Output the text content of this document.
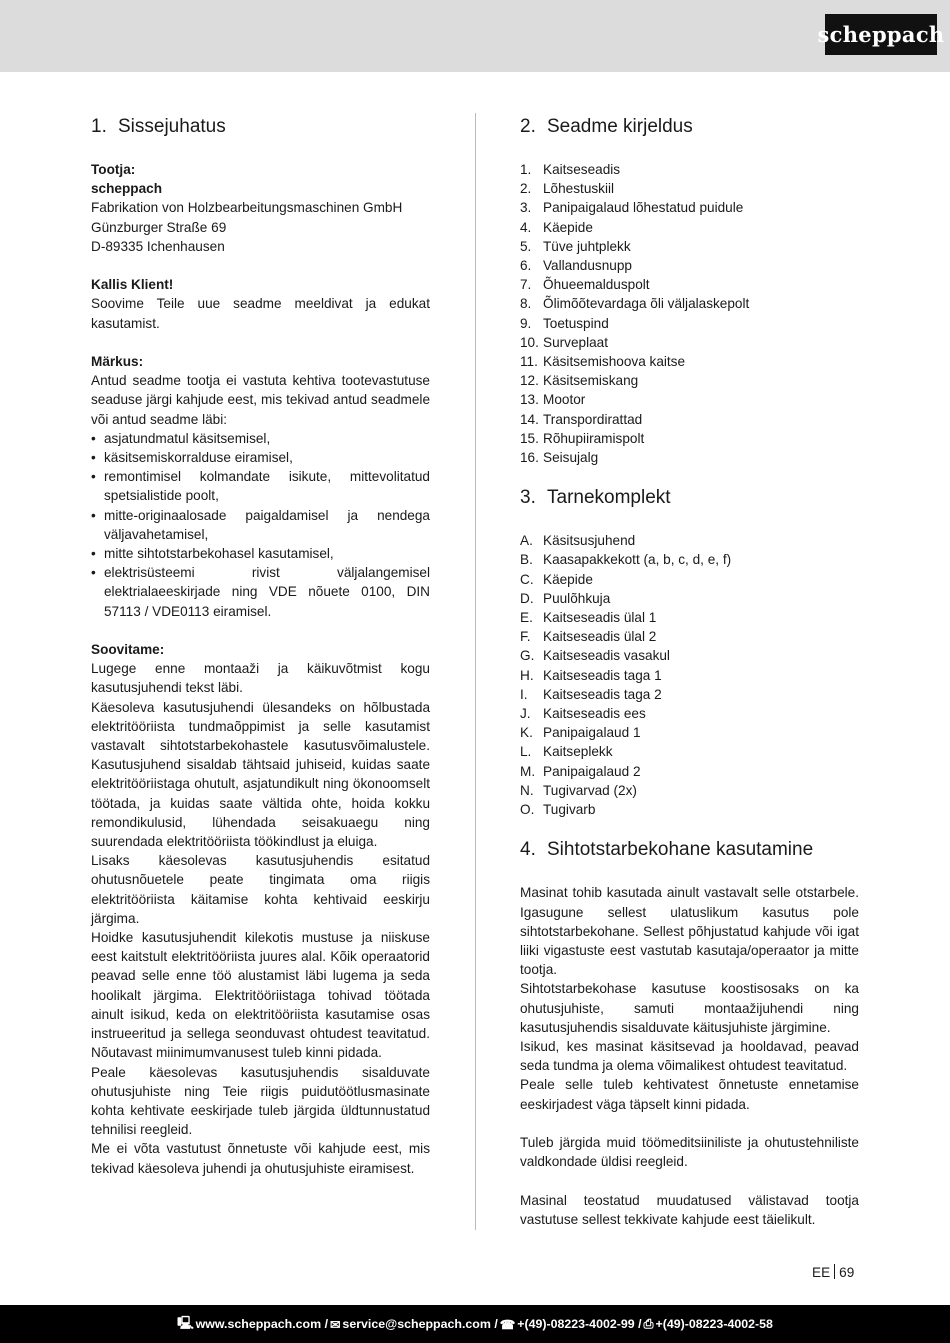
scheppach
1. Sissejuhatus
Tootja:
scheppach
Fabrikation von Holzbearbeitungsmaschinen GmbH
Günzburger Straße 69
D-89335 Ichenhausen
Kallis Klient!
Soovime Teile uue seadme meeldivat ja edukat kasutamist.
Märkus:
Antud seadme tootja ei vastuta kehtiva tootevastutuse seaduse järgi kahjude eest, mis tekivad antud seadmele või antud seadme läbi:
• asjatundmatul käsitsemisel,
• käsitsemiskorralduse eiramisel,
• remontimisel kolmandate isikute, mittevolitatud spetsialistide poolt,
• mitte-originaalosade paigaldamisel ja nendega väljavahetamisel,
• mitte sihtotstarbekohasel kasutamisel,
• elektrisüsteemi rivist väljalangemisel elektrialaeeskirjade ning VDE nõuete 0100, DIN 57113 / VDE0113 eiramisel.
Soovitame:
Lugege enne montaaži ja käikuvõtmist kogu kasutusjuhendi tekst läbi.
Käesoleva kasutusjuhendi ülesandeks on hõlbustada elektritööriista tundmaõppimist ja selle kasutamist vastavalt sihtotstarbekohastele kasutusvõimalustele. Kasutusjuhend sisaldab tähtsaid juhiseid, kuidas saate elektritööriistaga ohutult, asjatundikult ning ökonoomselt töötada, ja kuidas saate vältida ohte, hoida kokku remondikulusid, lühendada seisakuaegu ning suurendada elektritööriista töökindlust ja eluiga.
Lisaks käesolevas kasutusjuhendis esitatud ohutusnõuetele peate tingimata oma riigis elektritööriista käitamise kohta kehtivaid eeskirju järgima.
Hoidke kasutusjuhendit kilekotis mustuse ja niiskuse eest kaitstult elektritööriista juures alal. Kõik operaatorid peavad selle enne töö alustamist läbi lugema ja seda hoolikalt järgima. Elektritööriistaga tohivad töötada ainult isikud, keda on elektritööriista kasutamise osas instrueeritud ja sellega seonduvast ohtudest teavitatud. Nõutavast miinimumvanusest tuleb kinni pidada.
Peale käesolevas kasutusjuhendis sisalduvate ohutusjuhiste ning Teie riigis puidutöötlusmasinate kohta kehtivate eeskirjade tuleb järgida üldtunnustatud tehnilisi reegleid.
Me ei võta vastutust õnnetuste või kahjude eest, mis tekivad käesoleva juhendi ja ohutusjuhiste eiramisest.
2. Seadme kirjeldus
1. Kaitseseadis
2. Lõhestuskiil
3. Panipaigalaud lõhestatud puidule
4. Käepide
5. Tüve juhtplekk
6. Vallandusnupp
7. Õhueemalduspolt
8. Õlimõõtevardaga õli väljalaskepolt
9. Toetuspind
10. Surveplaat
11. Käsitsemishoova kaitse
12. Käsitsemiskang
13. Mootor
14. Transpordirattad
15. Rõhupiiramispolt
16. Seisujalg
3. Tarnekomplekt
A. Käsitsusjuhend
B. Kaasapakkekott (a, b, c, d, e, f)
C. Käepide
D. Puulõhkuja
E. Kaitseseadis ülal 1
F. Kaitseseadis ülal 2
G. Kaitseseadis vasakul
H. Kaitseseadis taga 1
I.	Kaitseseadis taga 2
J. Kaitseseadis ees
K. Panipaigalaud 1
L. Kaitseplekk
M. Panipaigalaud 2
N. Tugivarvad (2x)
O. Tugivarb
4. Sihtotstarbekohane kasutamine
Masinat tohib kasutada ainult vastavalt selle otstarbele. Igasugune sellest ulatuslikum kasutus pole sihtotstarbekohane. Sellest põhjustatud kahjude või igat liiki vigastuste eest vastutab kasutaja/operaator ja mitte tootja.
Sihtotstarbekohase kasutuse koostisosaks on ka ohutusjuhiste, samuti montaažijuhendi ning kasutusjuhendis sisalduvate käitusjuhiste järgimine.
Isikud, kes masinat käsitsevad ja hooldavad, peavad seda tundma ja olema võimalikest ohtudest teavitatud.
Peale selle tuleb kehtivatest õnnetuste ennetamise eeskirjadest väga täpselt kinni pidada.
Tuleb järgida muid töömeditsiiniliste ja ohutustehniliste valdkondade üldisi reegleid.
Masinal teostatud muudatused välistavad tootja vastutuse sellest tekkivate kahjude eest täielikult.
EE 69
🖳 www.scheppach.com / ✉ service@scheppach.com / ☎ +(49)-08223-4002-99 / ⎙ +(49)-08223-4002-58
